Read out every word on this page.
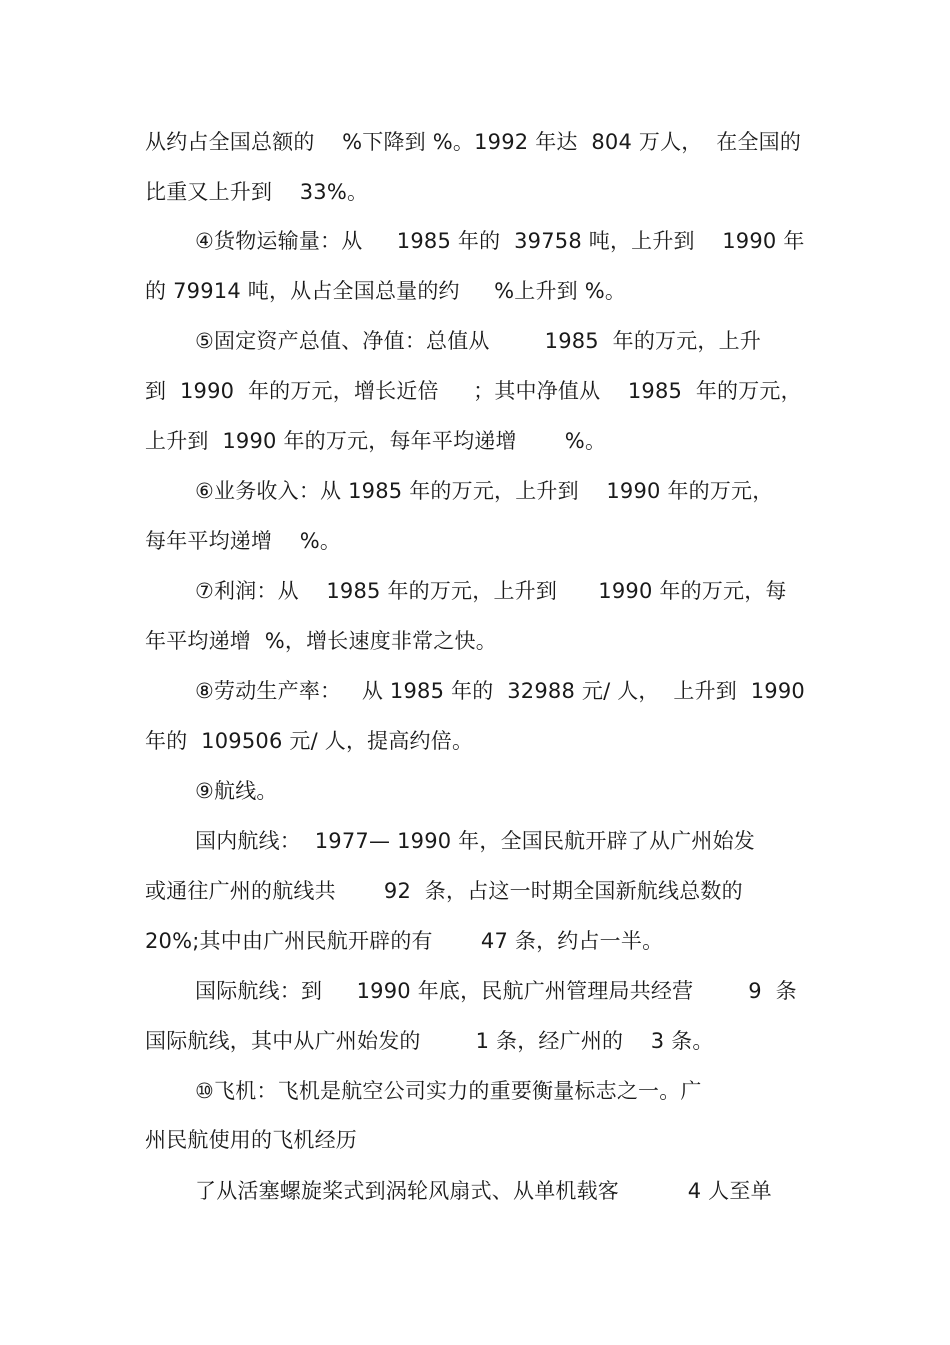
从约占全国总额的    %下降到 %。1992 年达  804 万人，  在全国的
比重又上升到    33%。
④货物运输量：从     1985 年的  39758 吨，上升到    1990 年
的 79914 吨，从占全国总量的约     %上升到 %。
⑤固定资产总值、净值：总值从        1985  年的万元，上升
到  1990  年的万元，增长近倍     ；其中净值从    1985  年的万元，
上升到  1990 年的万元，每年平均递增       %。
⑥业务收入：从 1985 年的万元，上升到    1990 年的万元，
每年平均递增    %。
⑦利润：从    1985 年的万元，上升到      1990 年的万元，每
年平均递增  %，增长速度非常之快。
⑧劳动生产率：   从 1985 年的  32988 元/ 人，  上升到  1990
年的  109506 元/ 人，提高约倍。
⑨航线。
国内航线：  1977— 1990 年，全国民航开辟了从广州始发
或通往广州的航线共       92  条，占这一时期全国新航线总数的
20%;其中由广州民航开辟的有       47 条，约占一半。
国际航线：到     1990 年底，民航广州管理局共经营        9  条
国际航线，其中从广州始发的        1 条，经广州的    3 条。
⑩飞机：飞机是航空公司实力的重要衡量标志之一。广
州民航使用的飞机经历
了从活塞螺旋桨式到涡轮风扇式、从单机载客          4 人至单
